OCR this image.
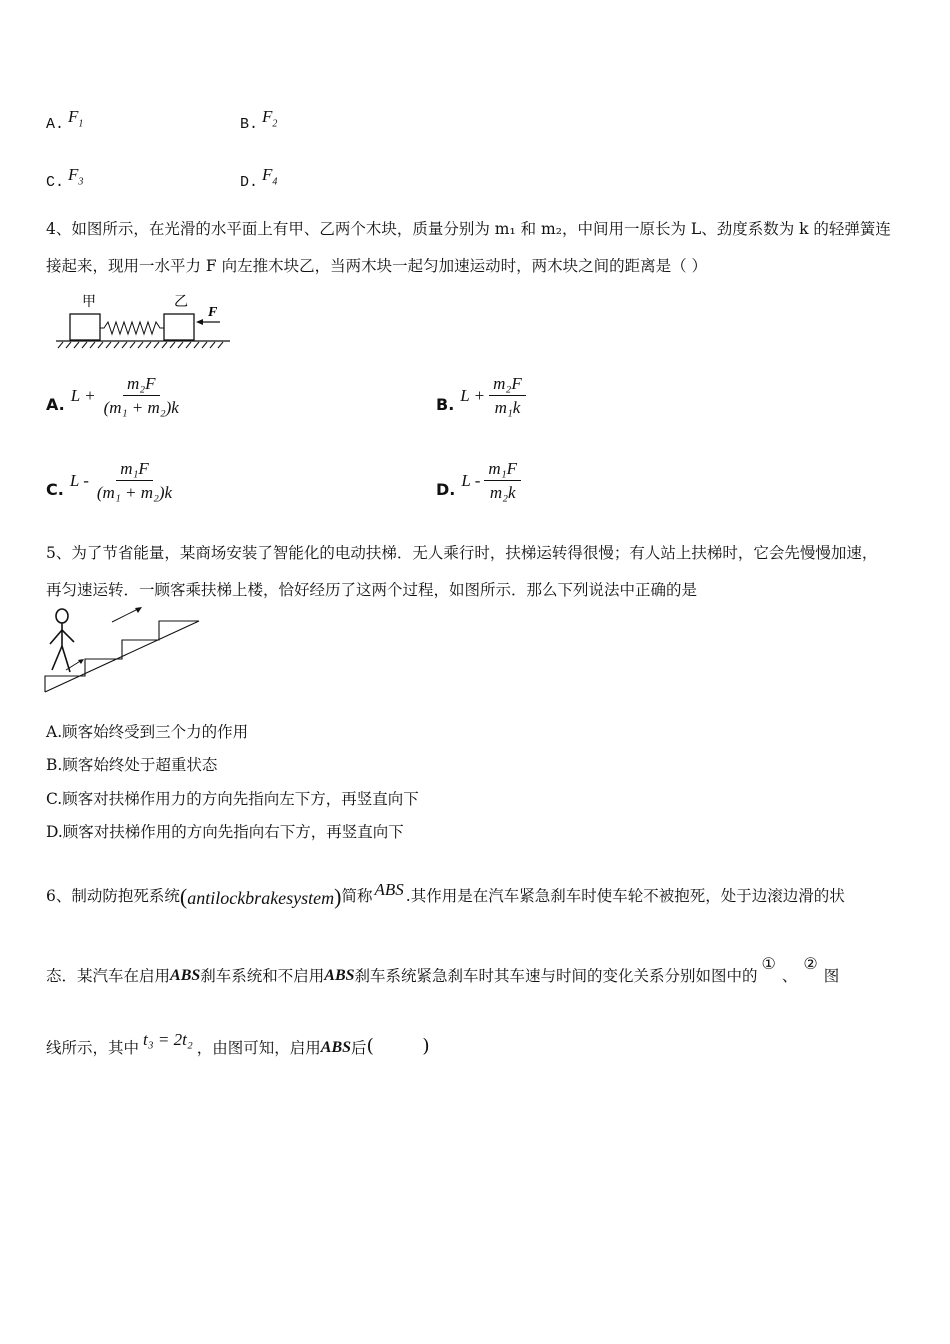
A. $F_1$	B. $F_2$
C. $F_3$	D. $F_4$
4、如图所示，在光滑的水平面上有甲、乙两个木块，质量分别为 m₁ 和 m₂，中间用一原长为 L、劲度系数为 k 的轻弹簧连
接起来，现用一水平力 F 向左推木块乙，当两木块一起匀加速运动时，两木块之间的距离是（ ）
甲	乙
F
A. $L + \frac{\text{m₂F}}{\text{(m₁ + m₂)k}}$	B. $L + \frac{\text{m₂F}}{\text{m₁k}}$
C. L - $\frac{\text{m₁F}}{\text{(m₁ + m₂)k}}$	D. L - $\frac{\text{m₁F}}{\text{m₂k}}$
5、为了节省能量，某商场安装了智能化的电动扶梯．无人乘行时，扶梯运转得很慢；有人站上扶梯时，它会先慢慢加速，
再匀速运转．一顾客乘扶梯上楼，恰好经历了这两个过程，如图所示．那么下列说法中正确的是
A.顾客始终受到三个力的作用
B.顾客始终处于超重状态
C.顾客对扶梯作用力的方向先指向左下方，再竖直向下
D.顾客对扶梯作用的方向先指向右下方，再竖直向下
6、制动防抱死系统 (antilockbrakesystem) 简称 ABS .其作用是在汽车紧急刹车时使车轮不被抱死，处于边滚边滑的状
态．某汽车在启用 ABS 刹车系统和不启用 ABS 刹车系统紧急刹车时其车速与时间的变化关系分别如图中的
①
、
②
图
线所示，其中 t₃ = 2t₂ ，由图可知，启用 ABS 后 (        )
